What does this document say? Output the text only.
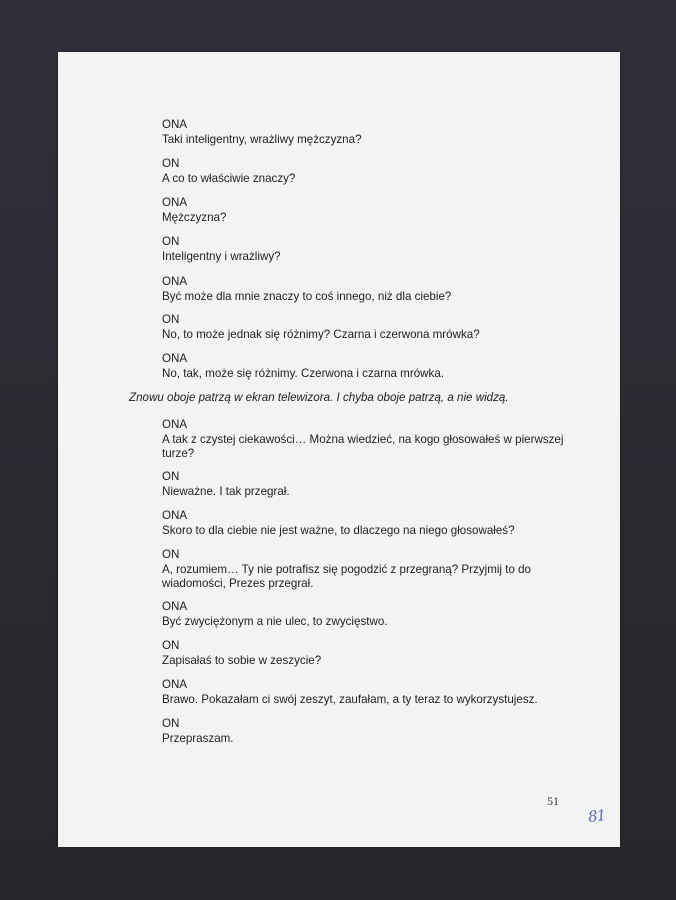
ONA
Taki inteligentny, wrażliwy mężczyzna?
ON
A co to właściwie znaczy?
ONA
Mężczyzna?
ON
Inteligentny i wrażliwy?
ONA
Być może dla mnie znaczy to coś innego, niż dla ciebie?
ON
No, to może jednak się różnimy? Czarna i czerwona mrówka?
ONA
No, tak, może się różnimy. Czerwona i czarna mrówka.
Znowu oboje patrzą w ekran telewizora. I chyba oboje patrzą, a nie widzą.
ONA
A tak z czystej ciekawości… Można wiedzieć, na kogo głosowałeś w pierwszej turze?
ON
Nieważne. I tak przegrał.
ONA
Skoro to dla ciebie nie jest ważne, to dlaczego na niego głosowałeś?
ON
A, rozumiem… Ty nie potrafisz się pogodzić z przegraną? Przyjmij to do wiadomości, Prezes przegrał.
ONA
Być zwyciężonym a nie ulec, to zwycięstwo.
ON
Zapisałaś to sobie w zeszycie?
ONA
Brawo. Pokazałam ci swój zeszyt, zaufałam, a ty teraz to wykorzystujesz.
ON
Przepraszam.
51
81
